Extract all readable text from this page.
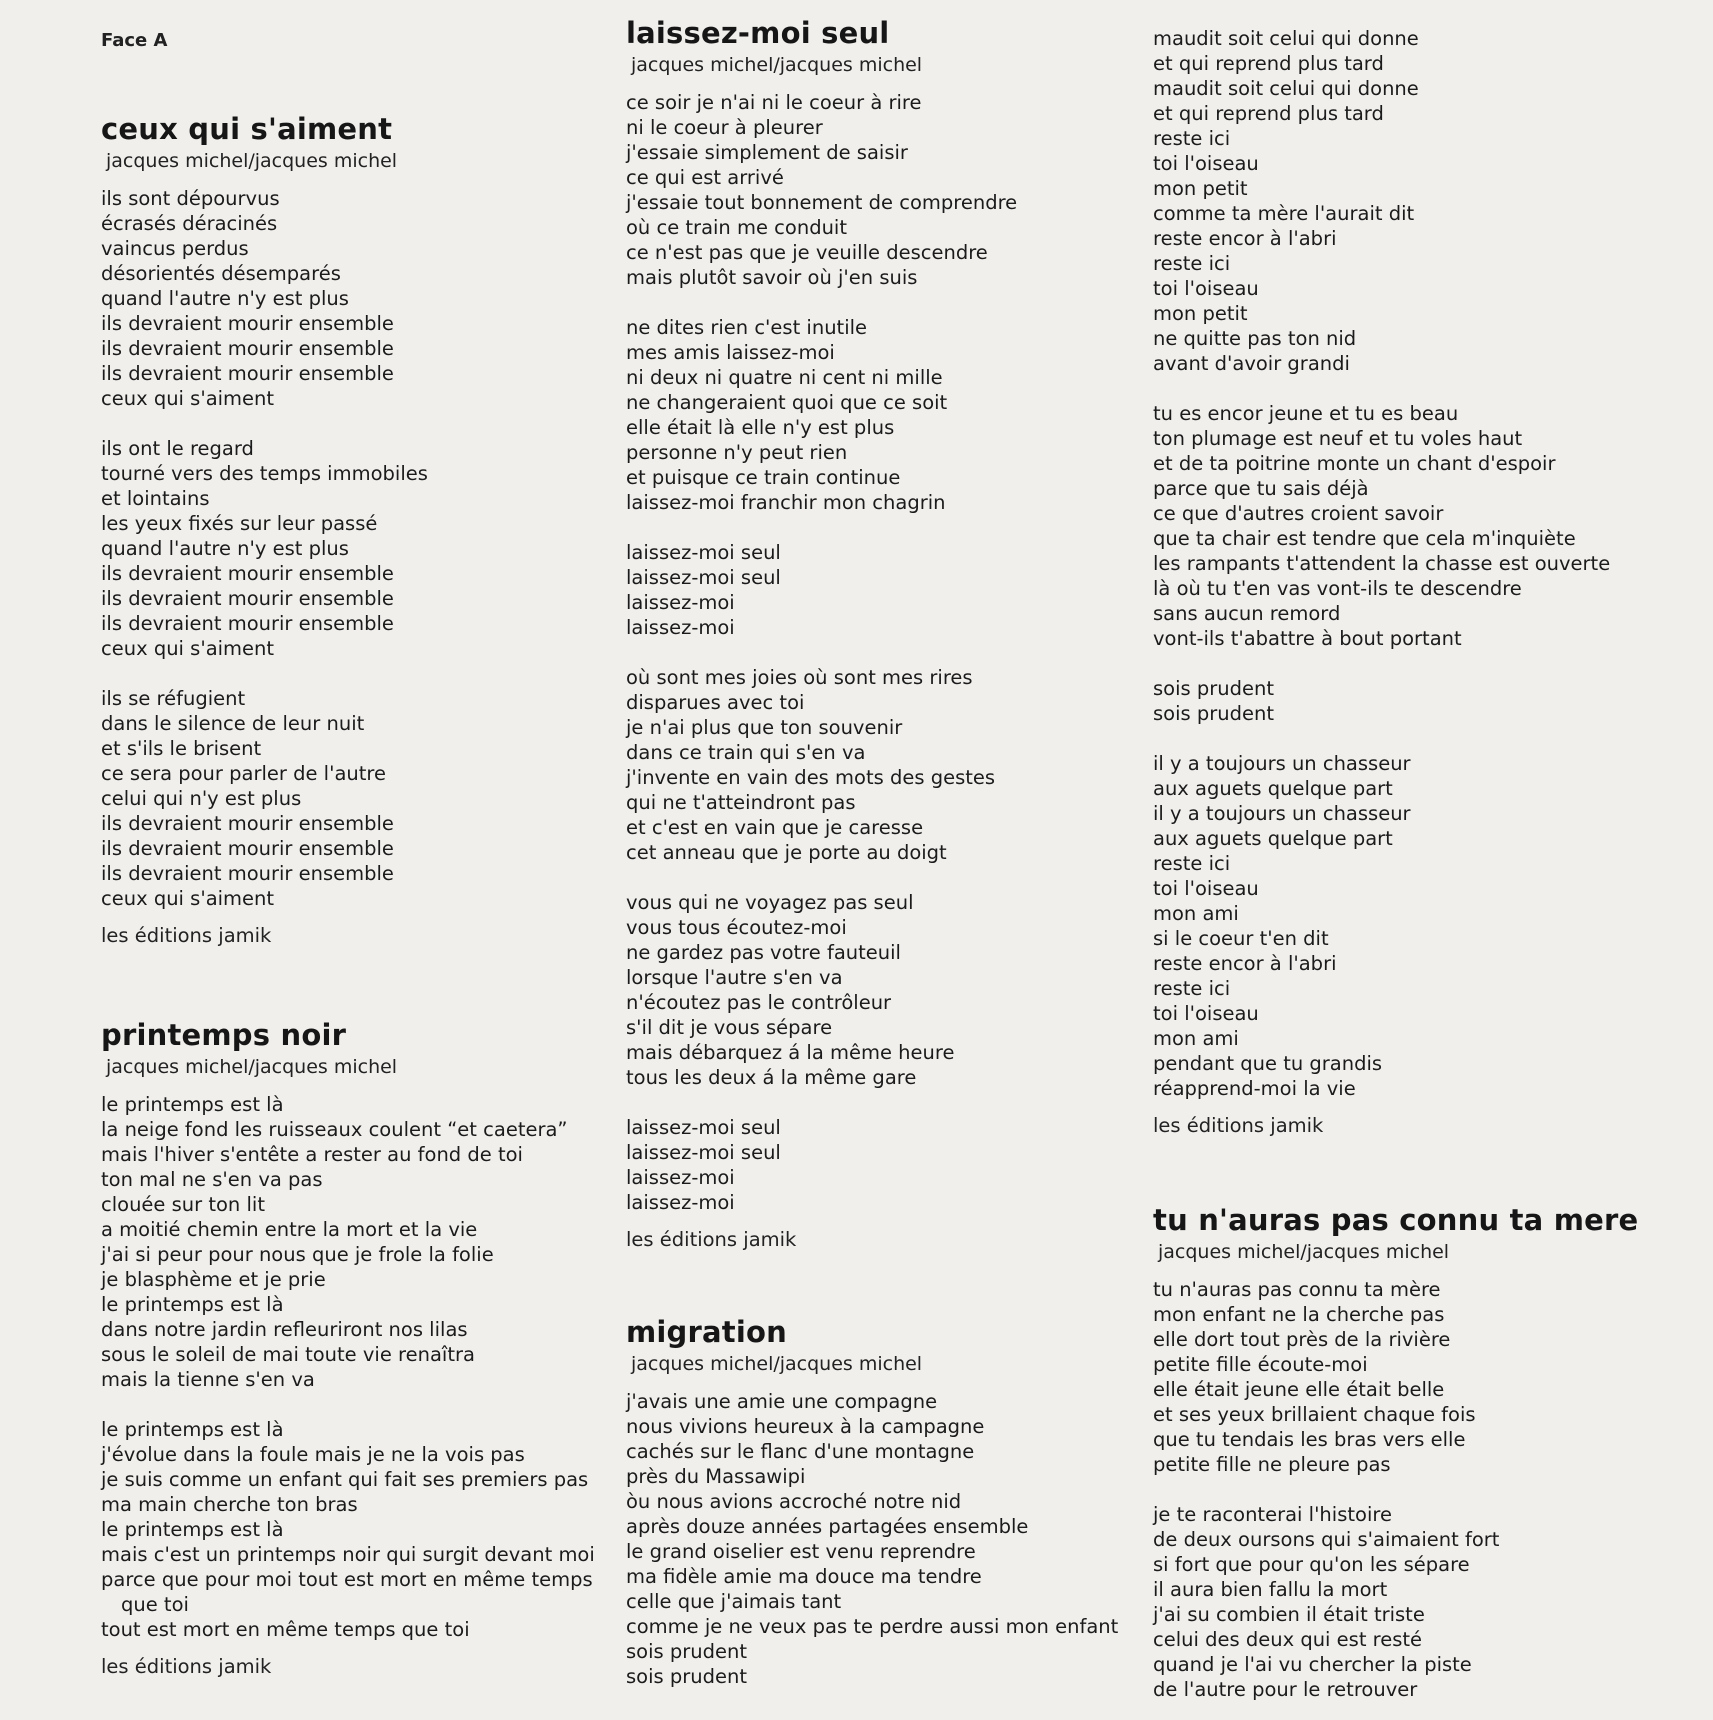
Face A
ceux qui s'aiment
jacques michel/jacques michel
ils sont dépourvus
écrasés déracinés
vaincus perdus
désorientés désemparés
quand l'autre n'y est plus
ils devraient mourir ensemble
ils devraient mourir ensemble
ils devraient mourir ensemble
ceux qui s'aiment
ils ont le regard
tourné vers des temps immobiles
et lointains
les yeux fixés sur leur passé
quand l'autre n'y est plus
ils devraient mourir ensemble
ils devraient mourir ensemble
ils devraient mourir ensemble
ceux qui s'aiment
ils se réfugient
dans le silence de leur nuit
et s'ils le brisent
ce sera pour parler de l'autre
celui qui n'y est plus
ils devraient mourir ensemble
ils devraient mourir ensemble
ils devraient mourir ensemble
ceux qui s'aiment
les éditions jamik
printemps noir
jacques michel/jacques michel
le printemps est là
la neige fond les ruisseaux coulent “et caetera”
mais l'hiver s'entête a rester au fond de toi
ton mal ne s'en va pas
clouée sur ton lit
a moitié chemin entre la mort et la vie
j'ai si peur pour nous que je frole la folie
je blasphème et je prie
le printemps est là
dans notre jardin refleuriront nos lilas
sous le soleil de mai toute vie renaîtra
mais la tienne s'en va
le printemps est là
j'évolue dans la foule mais je ne la vois pas
je suis comme un enfant qui fait ses premiers pas
ma main cherche ton bras
le printemps est là
mais c'est un printemps noir qui surgit devant moi
parce que pour moi tout est mort en même temps
que toi
tout est mort en même temps que toi
les éditions jamik
laissez-moi seul
jacques michel/jacques michel
ce soir je n'ai ni le coeur à rire
ni le coeur à pleurer
j'essaie simplement de saisir
ce qui est arrivé
j'essaie tout bonnement de comprendre
où ce train me conduit
ce n'est pas que je veuille descendre
mais plutôt savoir où j'en suis
ne dites rien c'est inutile
mes amis laissez-moi
ni deux ni quatre ni cent ni mille
ne changeraient quoi que ce soit
elle était là elle n'y est plus
personne n'y peut rien
et puisque ce train continue
laissez-moi franchir mon chagrin
laissez-moi seul
laissez-moi seul
laissez-moi
laissez-moi
où sont mes joies où sont mes rires
disparues avec toi
je n'ai plus que ton souvenir
dans ce train qui s'en va
j'invente en vain des mots des gestes
qui ne t'atteindront pas
et c'est en vain que je caresse
cet anneau que je porte au doigt
vous qui ne voyagez pas seul
vous tous écoutez-moi
ne gardez pas votre fauteuil
lorsque l'autre s'en va
n'écoutez pas le contrôleur
s'il dit je vous sépare
mais débarquez á la même heure
tous les deux á la même gare
laissez-moi seul
laissez-moi seul
laissez-moi
laissez-moi
les éditions jamik
migration
jacques michel/jacques michel
j'avais une amie une compagne
nous vivions heureux à la campagne
cachés sur le flanc d'une montagne
près du Massawipi
òu nous avions accroché notre nid
après douze années partagées ensemble
le grand oiselier est venu reprendre
ma fidèle amie ma douce ma tendre
celle que j'aimais tant
comme je ne veux pas te perdre aussi mon enfant
sois prudent
sois prudent
maudit soit celui qui donne
et qui reprend plus tard
maudit soit celui qui donne
et qui reprend plus tard
reste ici
toi l'oiseau
mon petit
comme ta mère l'aurait dit
reste encor à l'abri
reste ici
toi l'oiseau
mon petit
ne quitte pas ton nid
avant d'avoir grandi
tu es encor jeune et tu es beau
ton plumage est neuf et tu voles haut
et de ta poitrine monte un chant d'espoir
parce que tu sais déjà
ce que d'autres croient savoir
que ta chair est tendre que cela m'inquiète
les rampants t'attendent la chasse est ouverte
là où tu t'en vas vont-ils te descendre
sans aucun remord
vont-ils t'abattre à bout portant
sois prudent
sois prudent
il y a toujours un chasseur
aux aguets quelque part
il y a toujours un chasseur
aux aguets quelque part
reste ici
toi l'oiseau
mon ami
si le coeur t'en dit
reste encor à l'abri
reste ici
toi l'oiseau
mon ami
pendant que tu grandis
réapprend-moi la vie
les éditions jamik
tu n'auras pas connu ta mere
jacques michel/jacques michel
tu n'auras pas connu ta mère
mon enfant ne la cherche pas
elle dort tout près de la rivière
petite fille écoute-moi
elle était jeune elle était belle
et ses yeux brillaient chaque fois
que tu tendais les bras vers elle
petite fille ne pleure pas
je te raconterai l'histoire
de deux oursons qui s'aimaient fort
si fort que pour qu'on les sépare
il aura bien fallu la mort
j'ai su combien il était triste
celui des deux qui est resté
quand je l'ai vu chercher la piste
de l'autre pour le retrouver
